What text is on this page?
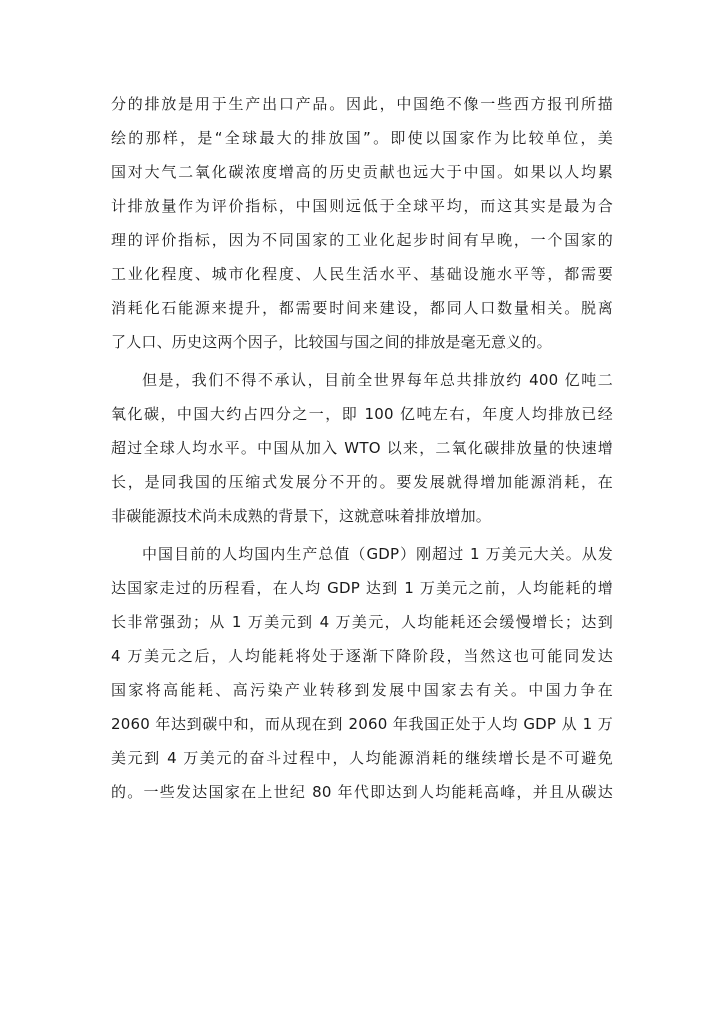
分的排放是用于生产出口产品。因此，中国绝不像一些西方报刊所描
绘的那样，是“全球最大的排放国”。即使以国家作为比较单位，美
国对大气二氧化碳浓度增高的历史贡献也远大于中国。如果以人均累
计排放量作为评价指标，中国则远低于全球平均，而这其实是最为合
理的评价指标，因为不同国家的工业化起步时间有早晚，一个国家的
工业化程度、城市化程度、人民生活水平、基础设施水平等，都需要
消耗化石能源来提升，都需要时间来建设，都同人口数量相关。脱离
了人口、历史这两个因子，比较国与国之间的排放是毫无意义的。
但是，我们不得不承认，目前全世界每年总共排放约 400 亿吨二
氧化碳，中国大约占四分之一，即 100 亿吨左右，年度人均排放已经
超过全球人均水平。中国从加入 WTO 以来，二氧化碳排放量的快速增
长，是同我国的压缩式发展分不开的。要发展就得增加能源消耗，在
非碳能源技术尚未成熟的背景下，这就意味着排放增加。
中国目前的人均国内生产总值（GDP）刚超过 1 万美元大关。从发
达国家走过的历程看，在人均 GDP 达到 1 万美元之前，人均能耗的增
长非常强劲；从 1 万美元到 4 万美元，人均能耗还会缓慢增长；达到
4 万美元之后，人均能耗将处于逐渐下降阶段，当然这也可能同发达
国家将高能耗、高污染产业转移到发展中国家去有关。中国力争在
2060 年达到碳中和，而从现在到 2060 年我国正处于人均 GDP 从 1 万
美元到 4 万美元的奋斗过程中，人均能源消耗的继续增长是不可避免
的。一些发达国家在上世纪 80 年代即达到人均能耗高峰，并且从碳达
